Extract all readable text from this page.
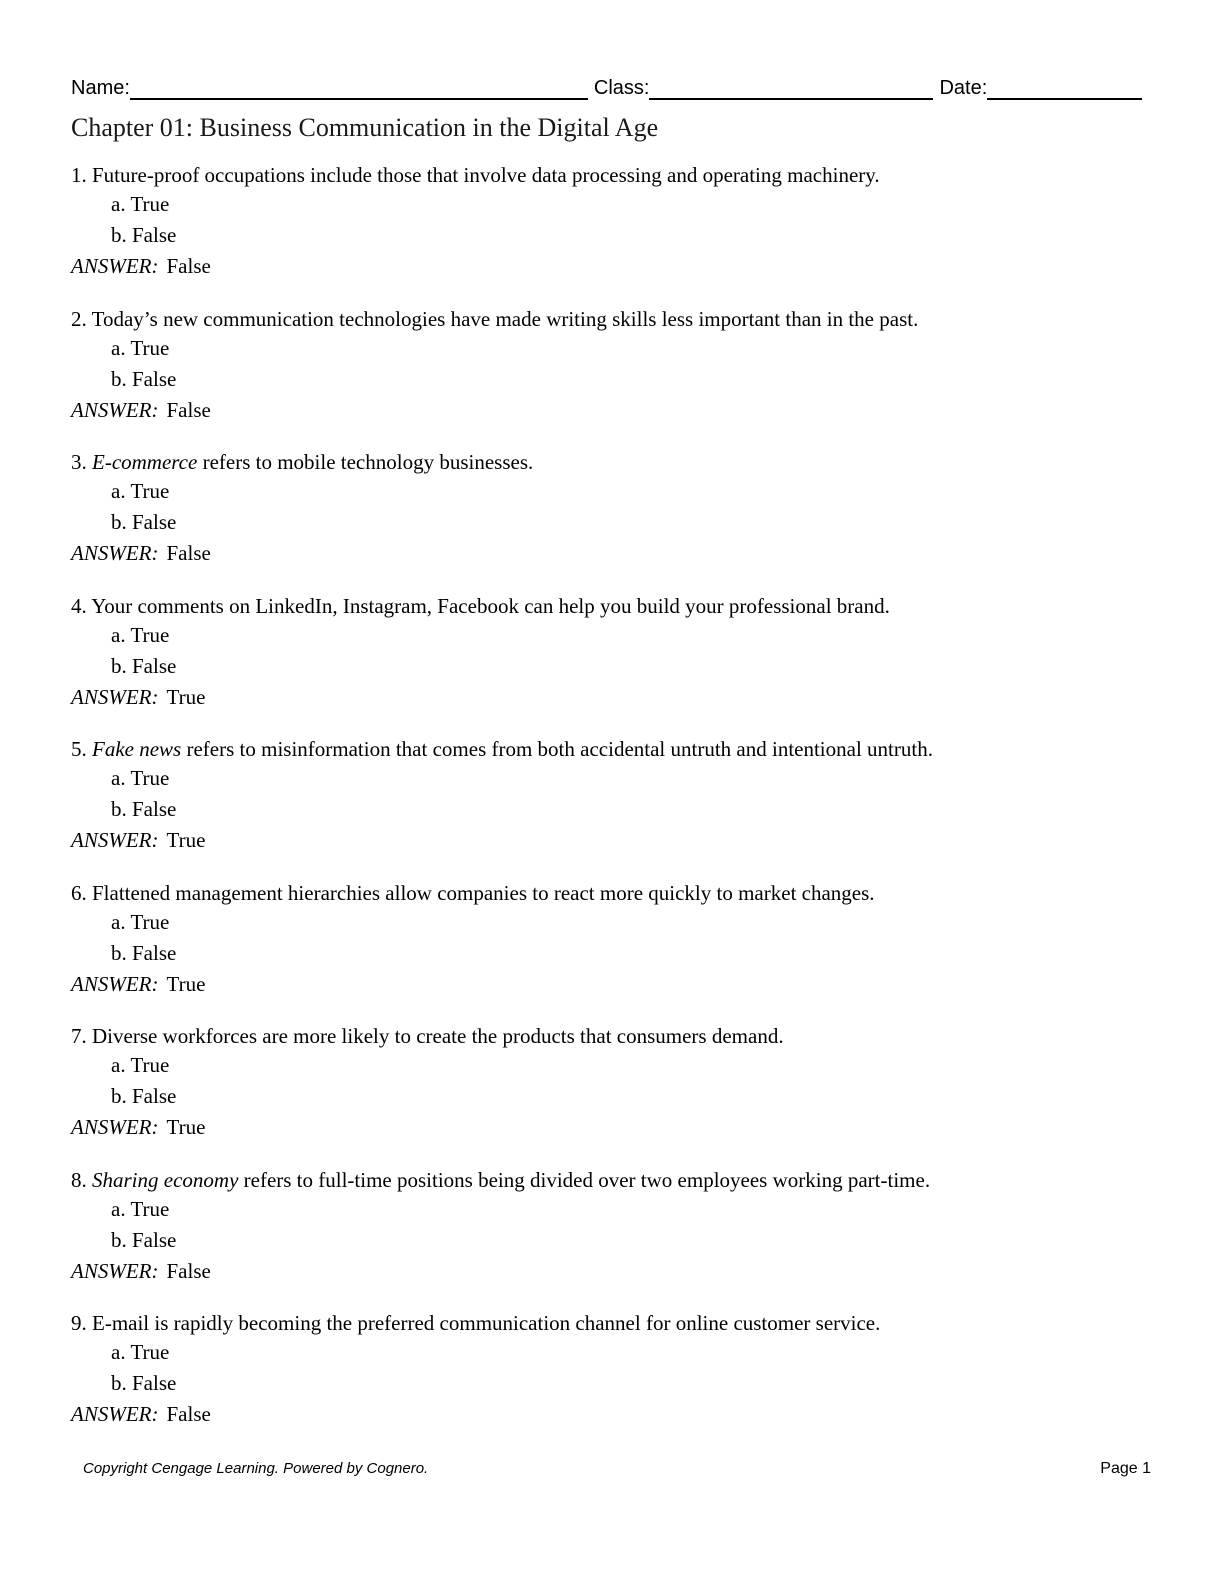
Name:	Class:	Date:
Chapter 01: Business Communication in the Digital Age
1. Future-proof occupations include those that involve data processing and operating machinery.
a. True
b. False
ANSWER: False
2. Today’s new communication technologies have made writing skills less important than in the past.
a. True
b. False
ANSWER: False
3. E-commerce refers to mobile technology businesses.
a. True
b. False
ANSWER: False
4. Your comments on LinkedIn, Instagram, Facebook can help you build your professional brand.
a. True
b. False
ANSWER: True
5. Fake news refers to misinformation that comes from both accidental untruth and intentional untruth.
a. True
b. False
ANSWER: True
6. Flattened management hierarchies allow companies to react more quickly to market changes.
a. True
b. False
ANSWER: True
7. Diverse workforces are more likely to create the products that consumers demand.
a. True
b. False
ANSWER: True
8. Sharing economy refers to full-time positions being divided over two employees working part-time.
a. True
b. False
ANSWER: False
9. E-mail is rapidly becoming the preferred communication channel for online customer service.
a. True
b. False
ANSWER: False
Copyright Cengage Learning. Powered by Cognero.	Page 1
